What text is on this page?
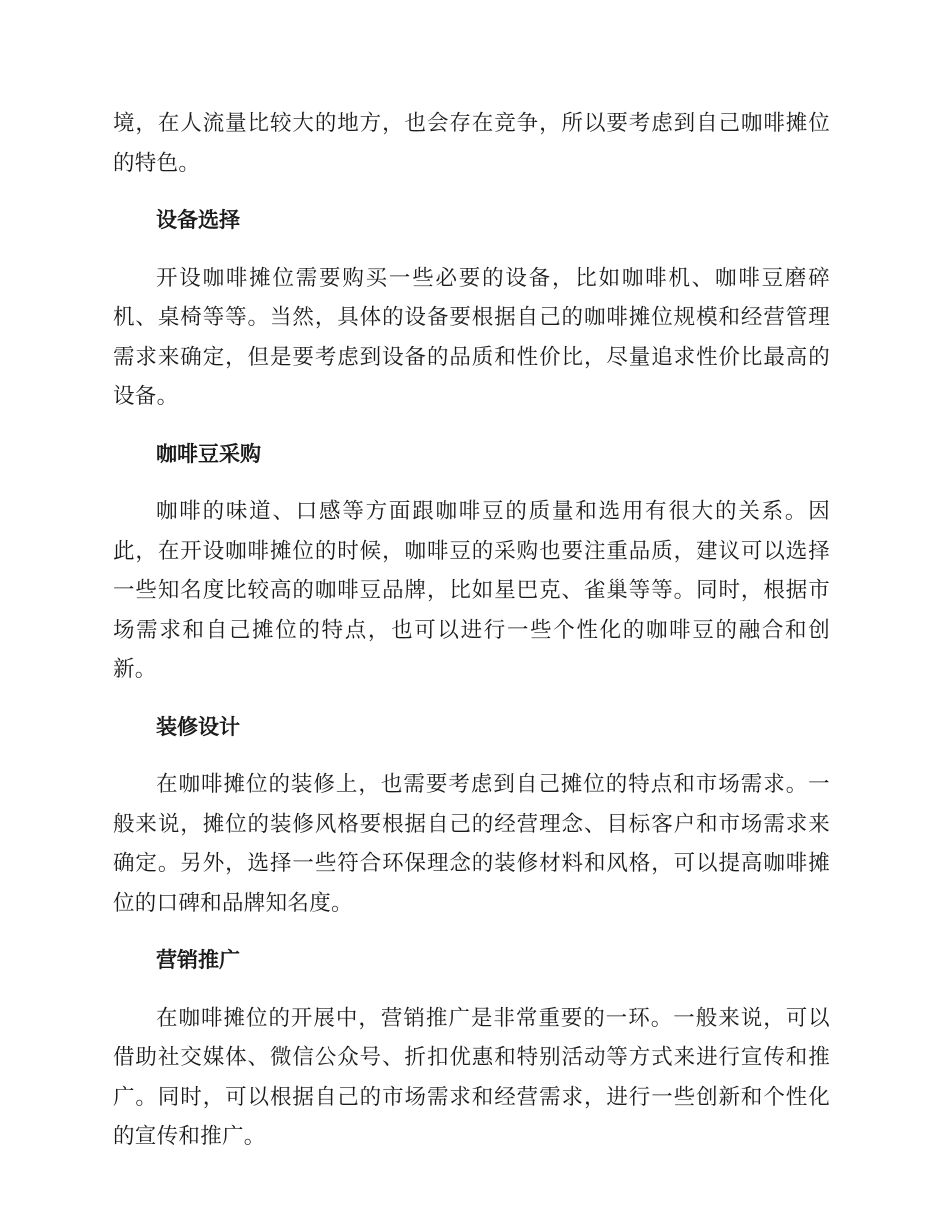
境，在人流量比较大的地方，也会存在竞争，所以要考虑到自己咖啡摊位的特色。

设备选择

开设咖啡摊位需要购买一些必要的设备，比如咖啡机、咖啡豆磨碎机、桌椅等等。当然，具体的设备要根据自己的咖啡摊位规模和经营管理需求来确定，但是要考虑到设备的品质和性价比，尽量追求性价比最高的设备。

咖啡豆采购

咖啡的味道、口感等方面跟咖啡豆的质量和选用有很大的关系。因此，在开设咖啡摊位的时候，咖啡豆的采购也要注重品质，建议可以选择一些知名度比较高的咖啡豆品牌，比如星巴克、雀巢等等。同时，根据市场需求和自己摊位的特点，也可以进行一些个性化的咖啡豆的融合和创新。

装修设计

在咖啡摊位的装修上，也需要考虑到自己摊位的特点和市场需求。一般来说，摊位的装修风格要根据自己的经营理念、目标客户和市场需求来确定。另外，选择一些符合环保理念的装修材料和风格，可以提高咖啡摊位的口碑和品牌知名度。

营销推广

在咖啡摊位的开展中，营销推广是非常重要的一环。一般来说，可以借助社交媒体、微信公众号、折扣优惠和特别活动等方式来进行宣传和推广。同时，可以根据自己的市场需求和经营需求，进行一些创新和个性化的宣传和推广。
